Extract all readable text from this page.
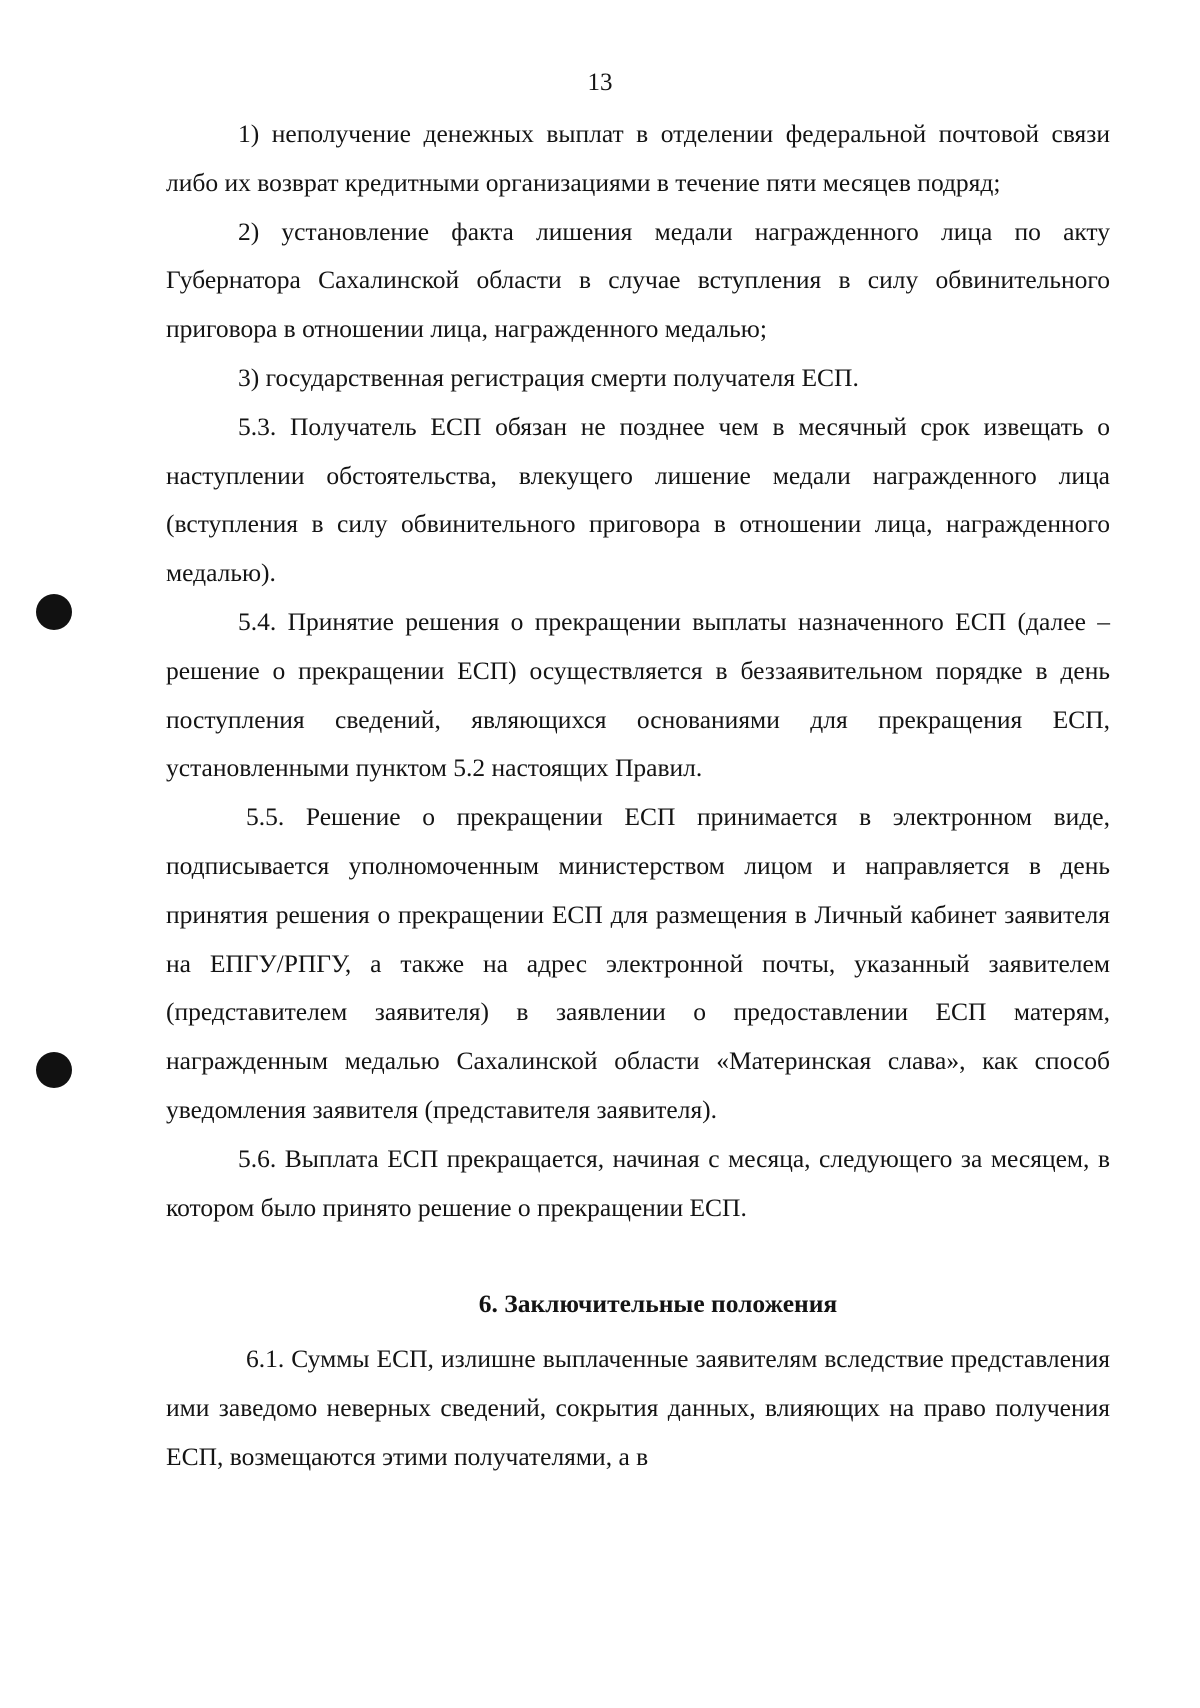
13

1) неполучение денежных выплат в отделении федеральной почтовой связи либо их возврат кредитными организациями в течение пяти месяцев подряд;

2) установление факта лишения медали награжденного лица по акту Губернатора Сахалинской области в случае вступления в силу обвинительного приговора в отношении лица, награжденного медалью;

3) государственная регистрация смерти получателя ЕСП.

5.3. Получатель ЕСП обязан не позднее чем в месячный срок извещать о наступлении обстоятельства, влекущего лишение медали награжденного лица (вступления в силу обвинительного приговора в отношении лица, награжденного медалью).

5.4. Принятие решения о прекращении выплаты назначенного ЕСП (далее – решение о прекращении ЕСП) осуществляется в беззаявительном порядке в день поступления сведений, являющихся основаниями для прекращения ЕСП, установленными пунктом 5.2 настоящих Правил.

5.5. Решение о прекращении ЕСП принимается в электронном виде, подписывается уполномоченным министерством лицом и направляется в день принятия решения о прекращении ЕСП для размещения в Личный кабинет заявителя на ЕПГУ/РПГУ, а также на адрес электронной почты, указанный заявителем (представителем заявителя) в заявлении о предоставлении ЕСП матерям, награжденным медалью Сахалинской области «Материнская слава», как способ уведомления заявителя (представителя заявителя).

5.6. Выплата ЕСП прекращается, начиная с месяца, следующего за месяцем, в котором было принято решение о прекращении ЕСП.

6. Заключительные положения

6.1. Суммы ЕСП, излишне выплаченные заявителям вследствие представления ими заведомо неверных сведений, сокрытия данных, влияющих на право получения ЕСП, возмещаются этими получателями, а в
